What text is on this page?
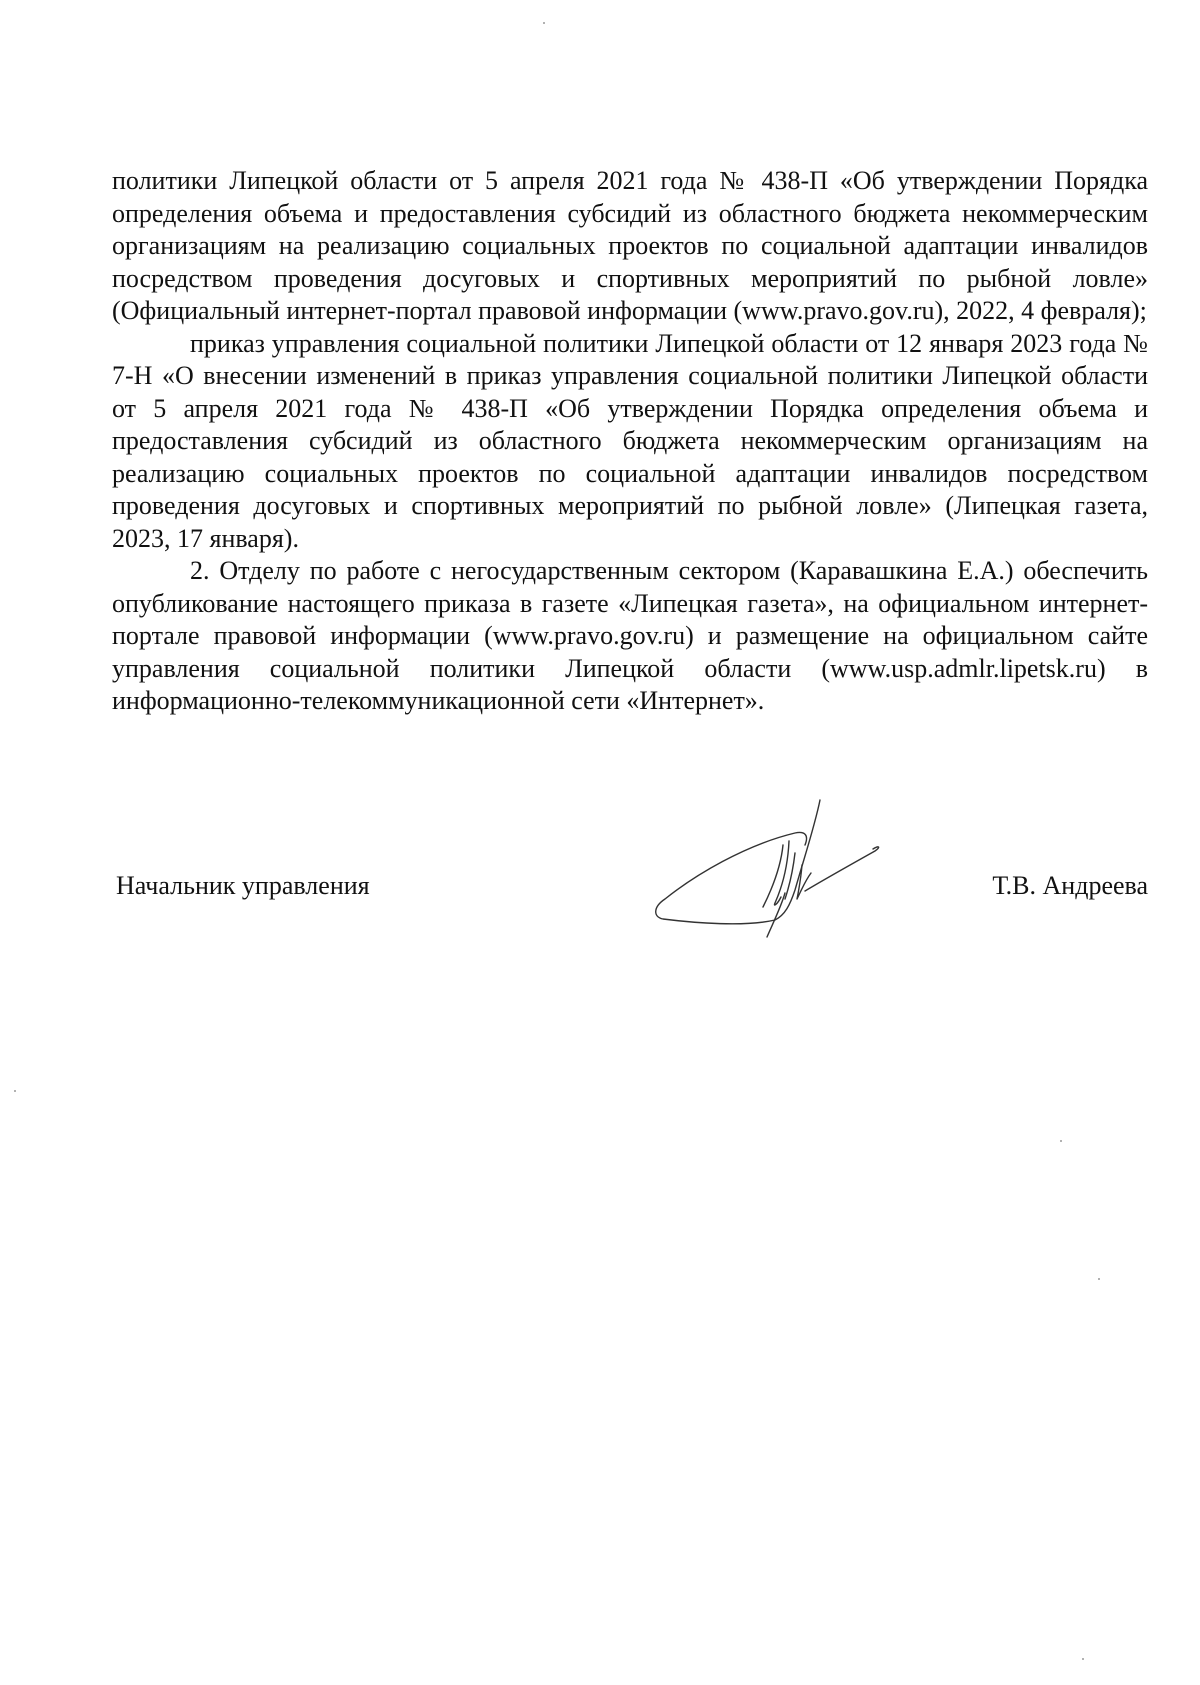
политики Липецкой области от 5 апреля 2021 года № 438-П «Об утверждении Порядка определения объема и предоставления субсидий из областного бюджета некоммерческим организациям на реализацию социальных проектов по социальной адаптации инвалидов посредством проведения досуговых и спортивных мероприятий по рыбной ловле» (Официальный интернет-портал правовой информации (www.pravo.gov.ru), 2022, 4 февраля);

приказ управления социальной политики Липецкой области от 12 января 2023 года № 7-Н «О внесении изменений в приказ управления социальной политики Липецкой области от 5 апреля 2021 года № 438-П «Об утверждении Порядка определения объема и предоставления субсидий из областного бюджета некоммерческим организациям на реализацию социальных проектов по социальной адаптации инвалидов посредством проведения досуговых и спортивных мероприятий по рыбной ловле» (Липецкая газета, 2023, 17 января).

2. Отделу по работе с негосударственным сектором (Каравашкина Е.А.) обеспечить опубликование настоящего приказа в газете «Липецкая газета», на официальном интернет-портале правовой информации (www.pravo.gov.ru) и размещение на официальном сайте управления социальной политики Липецкой области (www.usp.admlr.lipetsk.ru) в информационно-телекоммуникационной сети «Интернет».

Начальник управления	Т.В. Андреева
